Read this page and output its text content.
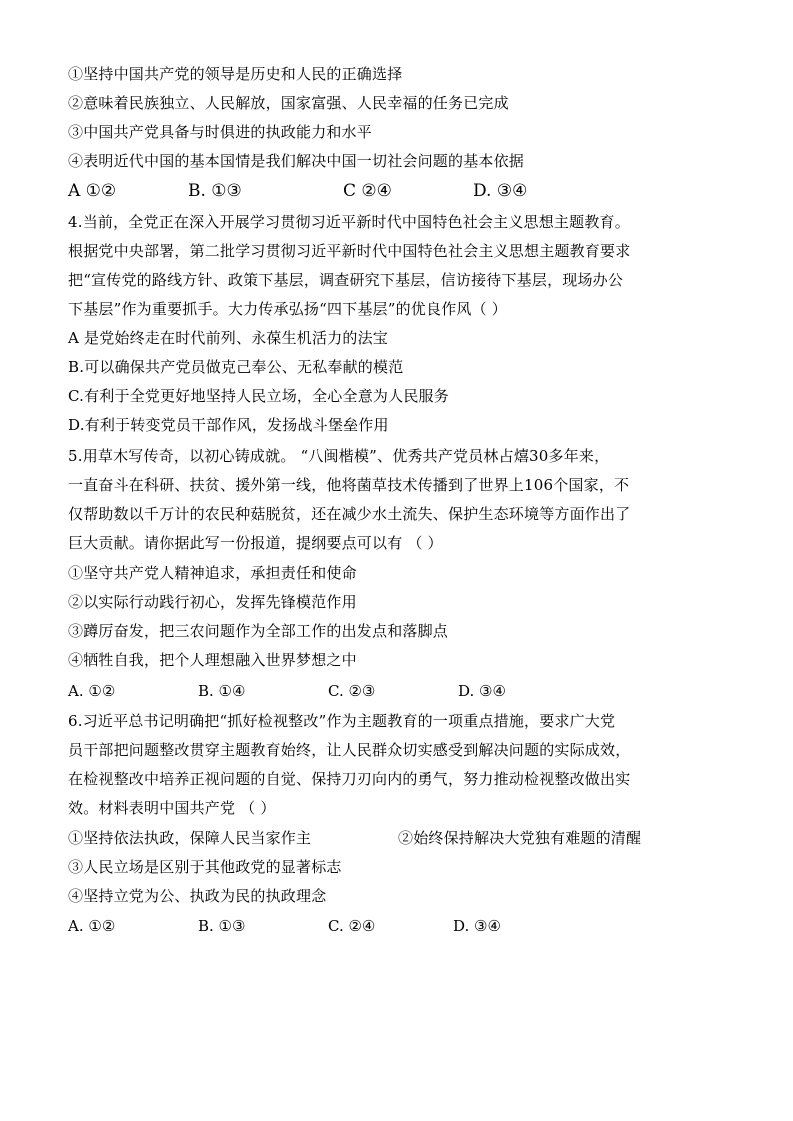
①坚持中国共产党的领导是历史和人民的正确选择
②意味着民族独立、人民解放，国家富强、人民幸福的任务已完成
③中国共产党具备与时俱进的执政能力和水平
④表明近代中国的基本国情是我们解决中国一切社会问题的基本依据
A ①②	B. ①③	C ②④	D. ③④
4.当前，全党正在深入开展学习贯彻习近平新时代中国特色社会主义思想主题教育。
根据党中央部署，第二批学习贯彻习近平新时代中国特色社会主义思想主题教育要求
把“宣传党的路线方针、政策下基层，调查研究下基层，信访接待下基层，现场办公
下基层”作为重要抓手。大力传承弘扬“四下基层”的优良作风（ ）
A 是党始终走在时代前列、永葆生机活力的法宝
B.可以确保共产党员做克己奉公、无私奉献的模范
C.有利于全党更好地坚持人民立场，全心全意为人民服务
D.有利于转变党员干部作风，发扬战斗堡垒作用
5.用草木写传奇，以初心铸成就。 “八闽楷模”、优秀共产党员林占熺30多年来，
一直奋斗在科研、扶贫、援外第一线，他将菌草技术传播到了世界上106个国家，不
仅帮助数以千万计的农民种菇脱贫，还在减少水土流失、保护生态环境等方面作出了
巨大贡献。请你据此写一份报道，提纲要点可以有 （ ）
①坚守共产党人精神追求，承担责任和使命
②以实际行动践行初心，发挥先锋模范作用
③蹲厉奋发，把三农问题作为全部工作的出发点和落脚点
④牺牲自我，把个人理想融入世界梦想之中
A. ①②	B. ①④	C. ②③	D. ③④
6.习近平总书记明确把“抓好检视整改”作为主题教育的一项重点措施，要求广大党
员干部把问题整改贯穿主题教育始终，让人民群众切实感受到解决问题的实际成效，
在检视整改中培养正视问题的自觉、保持刀刃向内的勇气，努力推动检视整改做出实
效。材料表明中国共产党 （ ）
①坚持依法执政，保障人民当家作主	②始终保持解决大党独有难题的清醒
③人民立场是区别于其他政党的显著标志
④坚持立党为公、执政为民的执政理念
A. ①②	B. ①③	C. ②④	D. ③④
